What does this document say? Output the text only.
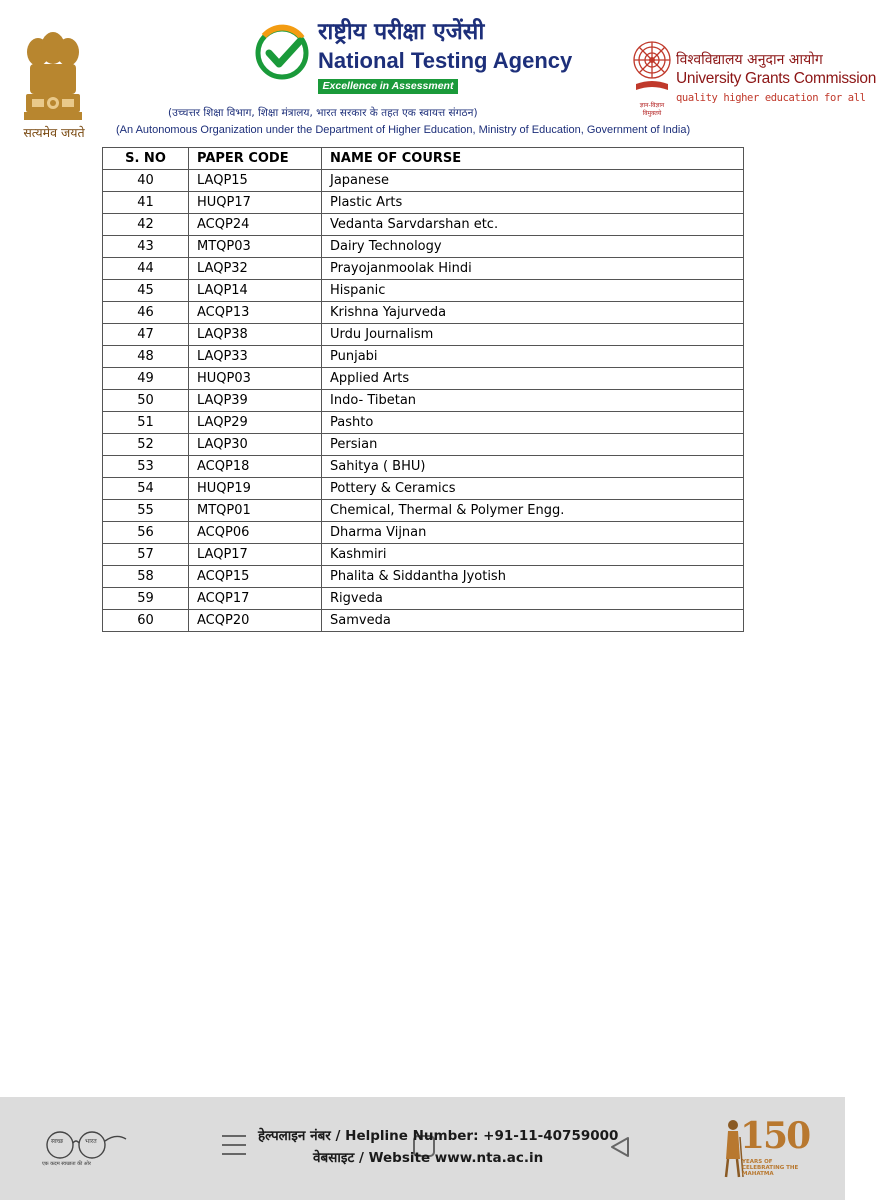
सत्यमेव जयते
राष्ट्रीय परीक्षा एजेंसी
National Testing Agency
Excellence in Assessment
ज्ञान-विज्ञान विमुक्तये
विश्वविद्यालय अनुदान आयोग
University Grants Commission
quality higher education for all
(उच्चत्तर शिक्षा विभाग, शिक्षा मंत्रालय, भारत सरकार के तहत एक स्वायत्त संगठन)
(An Autonomous Organization under the Department of Higher Education, Ministry of Education, Government of India)
S. NO	PAPER CODE	NAME OF COURSE
40	LAQP15	Japanese
41	HUQP17	Plastic Arts
42	ACQP24	Vedanta Sarvdarshan etc.
43	MTQP03	Dairy Technology
44	LAQP32	Prayojanmoolak Hindi
45	LAQP14	Hispanic
46	ACQP13	Krishna Yajurveda
47	LAQP38	Urdu Journalism
48	LAQP33	Punjabi
49	HUQP03	Applied Arts
50	LAQP39	Indo- Tibetan
51	LAQP29	Pashto
52	LAQP30	Persian
53	ACQP18	Sahitya ( BHU)
54	HUQP19	Pottery & Ceramics
55	MTQP01	Chemical, Thermal & Polymer Engg.
56	ACQP06	Dharma Vijnan
57	LAQP17	Kashmiri
58	ACQP15	Phalita & Siddantha Jyotish
59	ACQP17	Rigveda
60	ACQP20	Samveda
स्वच्छ	भारत
एक कदम स्वच्छता की ओर
हेल्पलाइन नंबर / Helpline Number: +91-11-40759000
वेबसाइट / Website www.nta.ac.in
150
YEARS OF CELEBRATING THE MAHATMA
